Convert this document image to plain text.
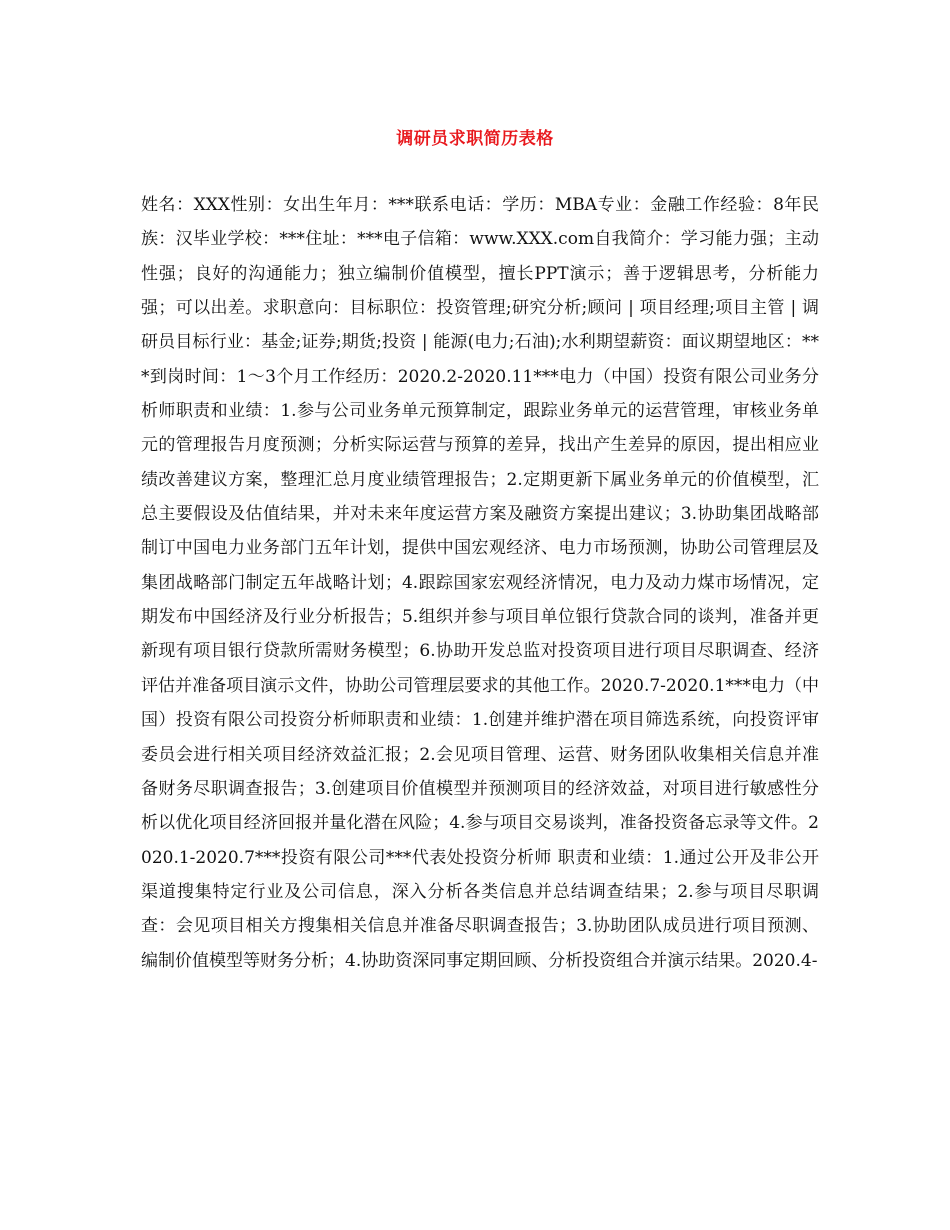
调研员求职简历表格

姓名：XXX性别：女出生年月：***联系电话：学历：MBA专业：金融工作经验：8年民族：汉毕业学校：***住址：***电子信箱：www.XXX.com自我简介：学习能力强；主动性强；良好的沟通能力；独立编制价值模型，擅长PPT演示；善于逻辑思考，分析能力强；可以出差。求职意向：目标职位：投资管理;研究分析;顾问 | 项目经理;项目主管 | 调研员目标行业：基金;证券;期货;投资 | 能源(电力;石油);水利期望薪资：面议期望地区：***到岗时间：1～3个月工作经历：2020.2-2020.11***电力（中国）投资有限公司业务分析师职责和业绩：1.参与公司业务单元预算制定，跟踪业务单元的运营管理，审核业务单元的管理报告月度预测；分析实际运营与预算的差异，找出产生差异的原因，提出相应业绩改善建议方案，整理汇总月度业绩管理报告；2.定期更新下属业务单元的价值模型，汇总主要假设及估值结果，并对未来年度运营方案及融资方案提出建议；3.协助集团战略部制订中国电力业务部门五年计划，提供中国宏观经济、电力市场预测，协助公司管理层及集团战略部门制定五年战略计划；4.跟踪国家宏观经济情况，电力及动力煤市场情况，定期发布中国经济及行业分析报告；5.组织并参与项目单位银行贷款合同的谈判，准备并更新现有项目银行贷款所需财务模型；6.协助开发总监对投资项目进行项目尽职调查、经济评估并准备项目演示文件，协助公司管理层要求的其他工作。2020.7-2020.1***电力（中国）投资有限公司投资分析师职责和业绩：1.创建并维护潜在项目筛选系统，向投资评审委员会进行相关项目经济效益汇报；2.会见项目管理、运营、财务团队收集相关信息并准备财务尽职调查报告；3.创建项目价值模型并预测项目的经济效益，对项目进行敏感性分析以优化项目经济回报并量化潜在风险；4.参与项目交易谈判，准备投资备忘录等文件。2020.1-2020.7***投资有限公司***代表处投资分析师 职责和业绩：1.通过公开及非公开渠道搜集特定行业及公司信息，深入分析各类信息并总结调查结果；2.参与项目尽职调查：会见项目相关方搜集相关信息并准备尽职调查报告；3.协助团队成员进行项目预测、编制价值模型等财务分析；4.协助资深同事定期回顾、分析投资组合并演示结果。2020.4-
